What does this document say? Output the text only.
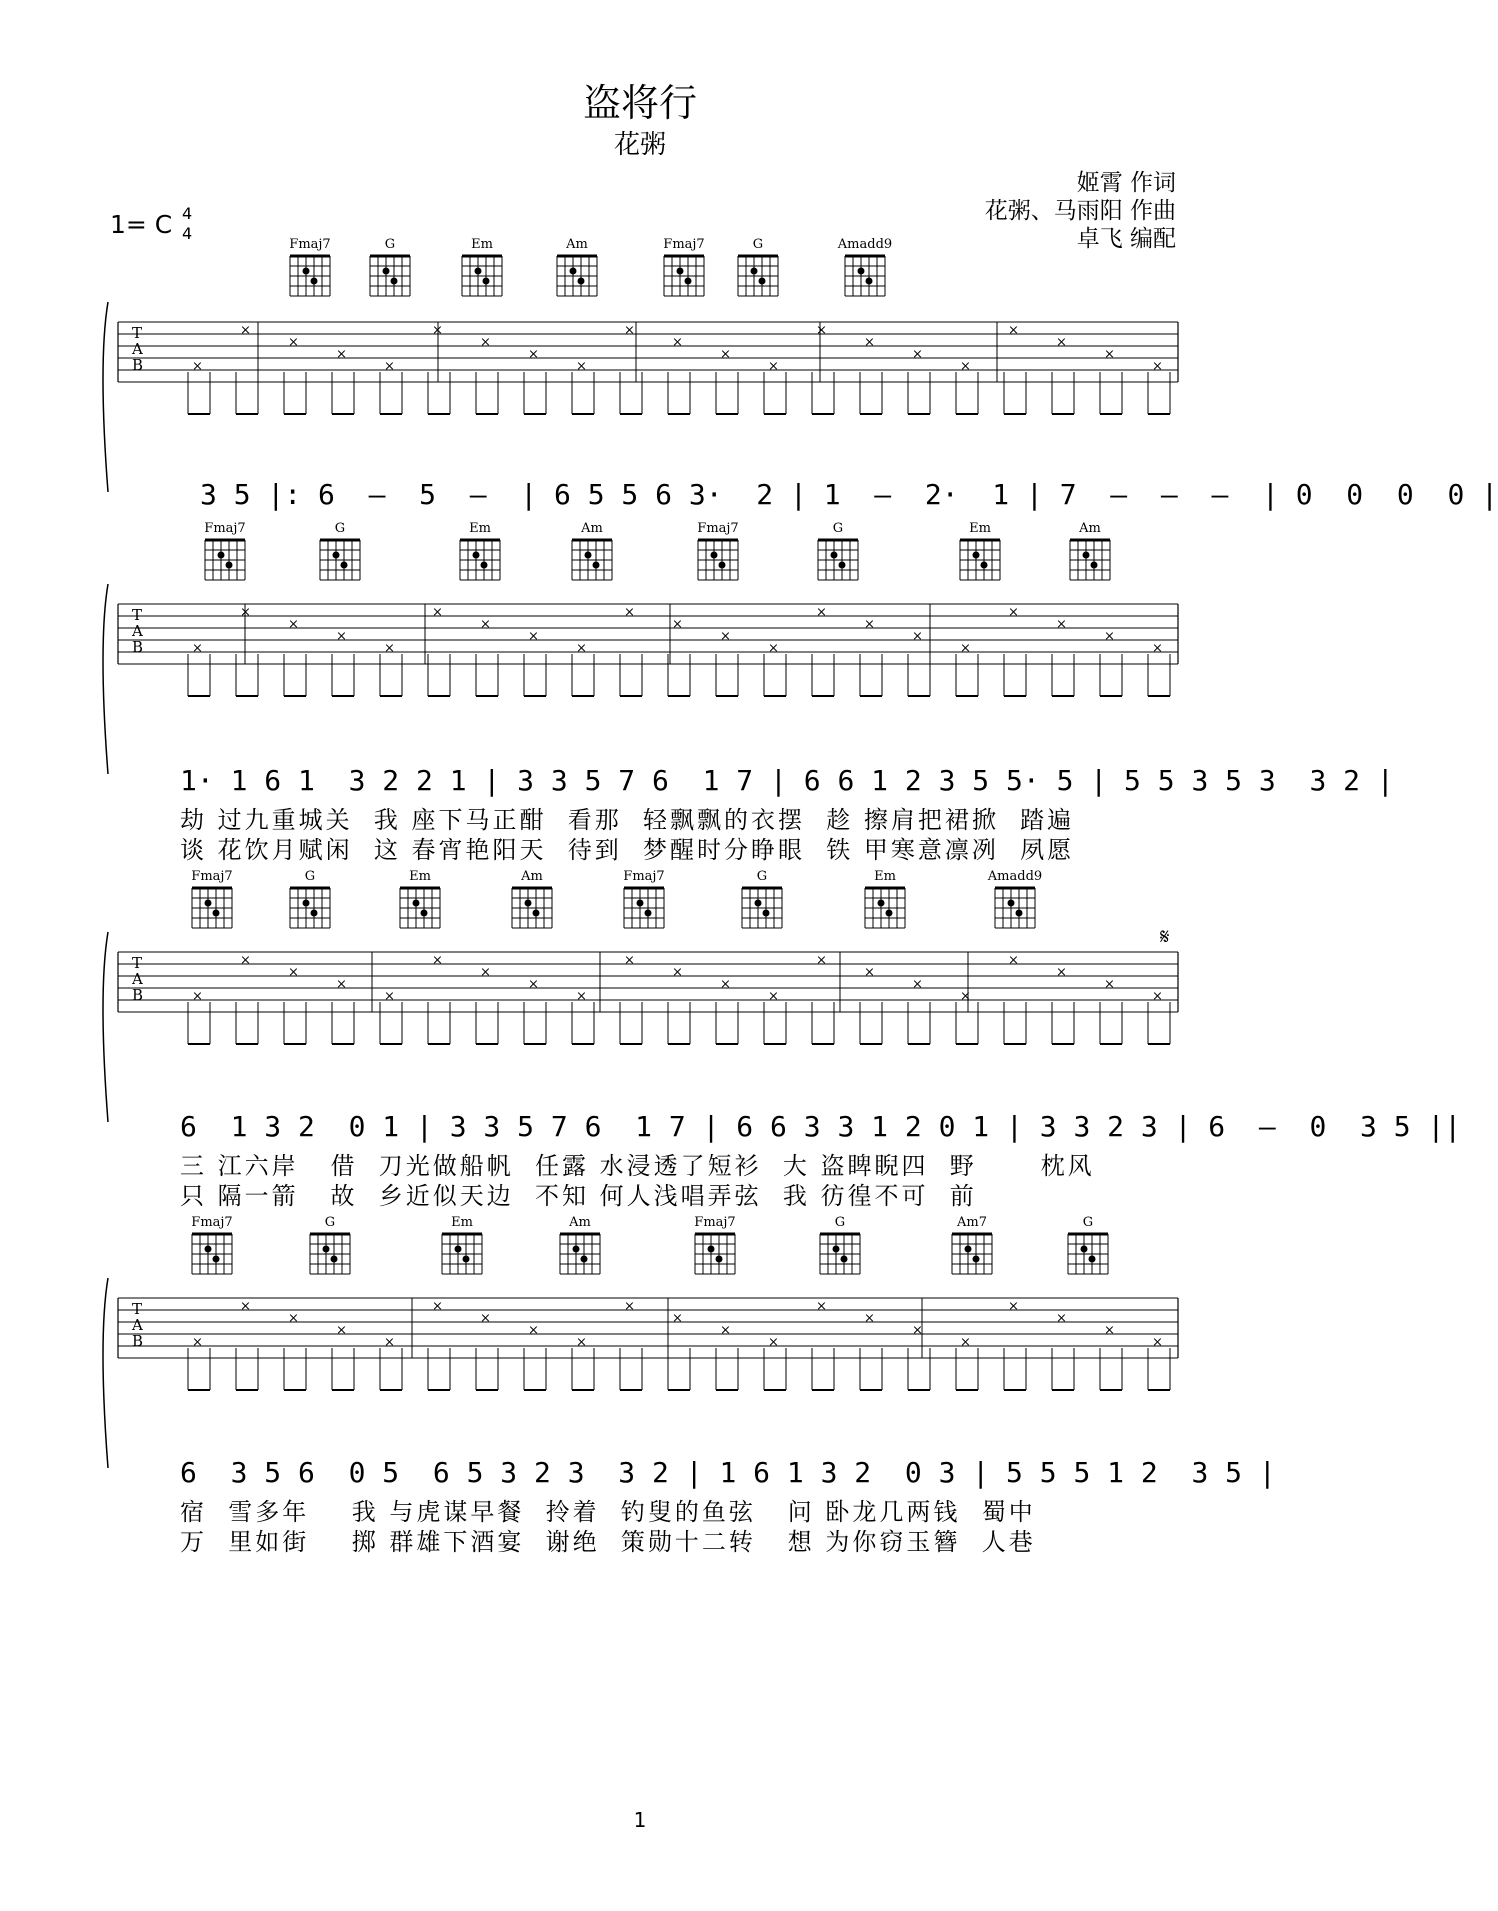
盗将行
花粥
姬霄 作词
花粥、马雨阳 作曲
卓飞 编配
1= C 4
4
T
A
B	×
×
×
×
×
×
×
×
×
×
×
×
×
×
×
×
×
×
×
×
×
Fmaj7	G	Em	Am	Fmaj7	G	Amadd9
T
A
B	×
×
×
×
×
×
×
×
×
×
×
×
×
×
×
×
×
×
×
×
×
Fmaj7	G	Em	Am	Fmaj7	G	Em	Am
T
A
B	×
×
×
×
×
×
×
×
×
×
×
×
×
×
×
×
×
×
×
×
×
Fmaj7	G	Em	Am	Fmaj7	G	Em	Amadd9
T
A
B	×
×
×
×
×
×
×
×
×
×
×
×
×
×
×
×
×
×
×
×
×
Fmaj7	G	Em	Am	Fmaj7	G	Am7	G
𝄋
3 5 |: 6  –  5  –  | 6 5 5 6 3·  2 | 1  –  2·  1 | 7  –  –  –  | 0  0  0  0 |
1· 1 6 1  3 2 2 1 | 3 3 5 7 6  1 7 | 6 6 1 2 3 5 5· 5 | 5 5 3 5 3  3 2 |
劫 过九重城关  我 座下马正酣  看那  轻飘飘的衣摆  趁 擦肩把裙掀  踏遍
谈 花饮月赋闲  这 春宵艳阳天  待到  梦醒时分睁眼  铁 甲寒意凛冽  夙愿
6  1 3 2  0 1 | 3 3 5 7 6  1 7 | 6 6 3 3 1 2 0 1 | 3 3 2 3 | 6  –  0  3 5 ||
三 江六岸   借  刀光做船帆  任露 水浸透了短衫  大 盗睥睨四  野      枕风
只 隔一箭   故  乡近似天边  不知 何人浅唱弄弦  我 彷徨不可  前
6  3 5 6  0 5  6 5 3 2 3  3 2 | 1 6 1 3 2  0 3 | 5 5 5 1 2  3 5 |
宿  雪多年    我 与虎谋早餐  拎着  钓叟的鱼弦   问 卧龙几两钱  蜀中
万  里如街    掷 群雄下酒宴  谢绝  策勋十二转   想 为你窃玉簪  人巷
1
